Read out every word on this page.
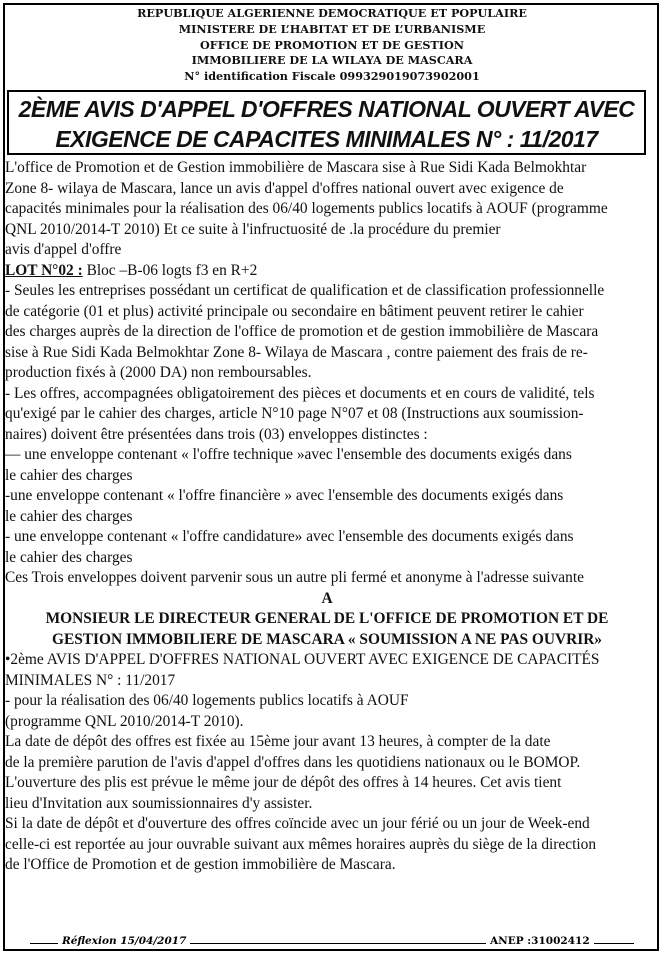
REPUBLIQUE ALGERIENNE DEMOCRATIQUE ET POPULAIRE
MINISTERE DE L’HABITAT ET DE L’URBANISME
OFFICE DE PROMOTION ET DE GESTION
IMMOBILIERE DE LA WILAYA DE MASCARA
N° identification Fiscale 099329019073902001
2ÈME AVIS D'APPEL D'OFFRES NATIONAL OUVERT AVEC
EXIGENCE DE CAPACITES MINIMALES N° : 11/2017
L'office de Promotion et de Gestion immobilière de Mascara sise à Rue Sidi Kada Belmokhtar
Zone 8- wilaya de Mascara, lance un avis d'appel d'offres national ouvert avec exigence de
capacités minimales pour la réalisation des 06/40 logements publics locatifs à AOUF (programme
QNL 2010/2014-T 2010) Et ce suite à l'infructuosité de .la procédure du premier
avis d'appel d'offre
LOT N°02 : Bloc –B-06 logts f3 en R+2
- Seules les entreprises possédant un certificat de qualification et de classification professionnelle
de catégorie (01 et plus) activité principale ou secondaire en bâtiment peuvent retirer le cahier
des charges auprès de la direction de l'office de promotion et de gestion immobilière de Mascara
sise à Rue Sidi Kada Belmokhtar Zone 8- Wilaya de Mascara , contre paiement des frais de re-
production fixés à (2000 DA) non remboursables.
- Les offres, accompagnées obligatoirement des pièces et documents et en cours de validité, tels
qu'exigé par le cahier des charges, article N°10 page N°07 et 08 (Instructions aux soumission-
naires) doivent être présentées dans trois (03) enveloppes distinctes :
— une enveloppe contenant « l'offre technique »avec l'ensemble des documents exigés dans
le cahier des charges
-une enveloppe contenant « l'offre financière » avec l'ensemble des documents exigés dans
le cahier des charges
- une enveloppe contenant « l'offre candidature» avec l'ensemble des documents exigés dans
le cahier des charges
Ces Trois enveloppes doivent parvenir sous un autre pli fermé et anonyme à l'adresse suivante
A
MONSIEUR LE DIRECTEUR GENERAL DE L'OFFICE DE PROMOTION ET DE
GESTION IMMOBILIERE DE MASCARA « SOUMISSION A NE PAS OUVRIR»
•2ème AVIS D'APPEL D'OFFRES NATIONAL OUVERT AVEC EXIGENCE DE CAPACITÉS
MINIMALES N° : 11/2017
- pour la réalisation des 06/40 logements publics locatifs à AOUF
(programme QNL 2010/2014-T 2010).
La date de dépôt des offres est fixée au 15ème jour avant 13 heures, à compter de la date
de la première parution de l'avis d'appel d'offres dans les quotidiens nationaux ou le BOMOP.
L'ouverture des plis est prévue le même jour de dépôt des offres à 14 heures. Cet avis tient
lieu d'Invitation aux soumissionnaires d'y assister.
Si la date de dépôt et d'ouverture des offres coïncide avec un jour férié ou un jour de Week-end
celle-ci est reportée au jour ouvrable suivant aux mêmes horaires auprès du siège de la direction
de l'Office de Promotion et de gestion immobilière de Mascara.
Réflexion 15/04/2017	ANEP :31002412
